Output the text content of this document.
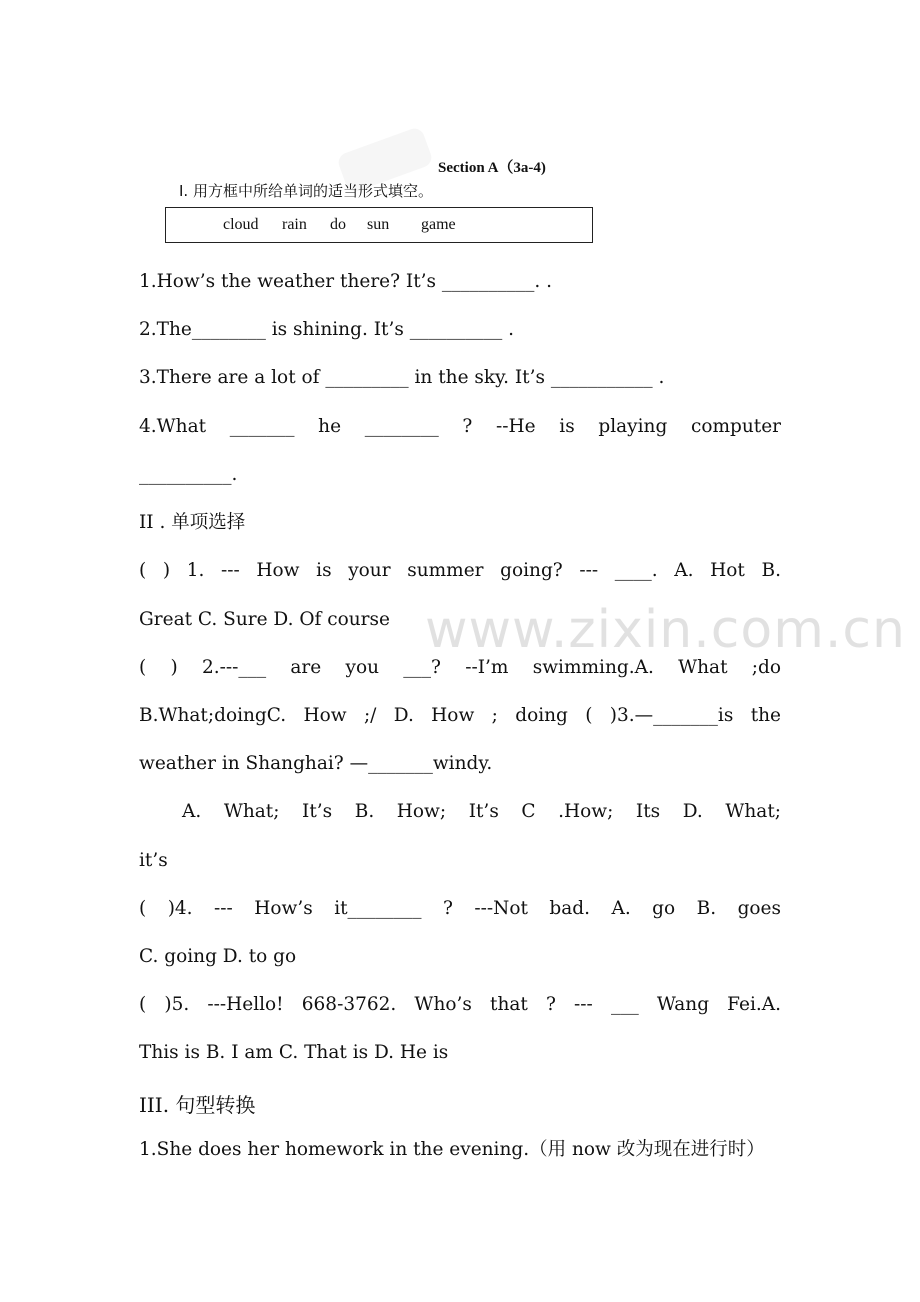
www.zixin.com.cn
Section A（3a-4)
I. 用方框中所给单词的适当形式填空。
cloud rain do sun game
1.How’s the weather there? It’s __________. .
2.The________ is shining. It’s __________ .
3.There are a lot of _________ in the sky. It’s ___________ .
4.What _______ he ________ ? --He is playing computer
__________.
II . 单项选择
( ) 1. --- How is your summer going? --- ____. A. Hot B.
Great C. Sure D. Of course
( ) 2.---___ are you ___? --I’m swimming.A. What ;do
B.What;doingC. How ;/ D. How ; doing ( )3.—_______is the
weather in Shanghai? —_______windy.
A. What; It’s B. How; It’s C .How; Its D. What;
it’s
( )4. --- How’s it________ ? ---Not bad. A. go B. goes
C. going D. to go
( )5. ---Hello! 668-3762. Who’s that ? --- ___ Wang Fei.A.
This is B. I am C. That is D. He is
III. 句型转换
1.She does her homework in the evening.（用 now 改为现在进行时）
